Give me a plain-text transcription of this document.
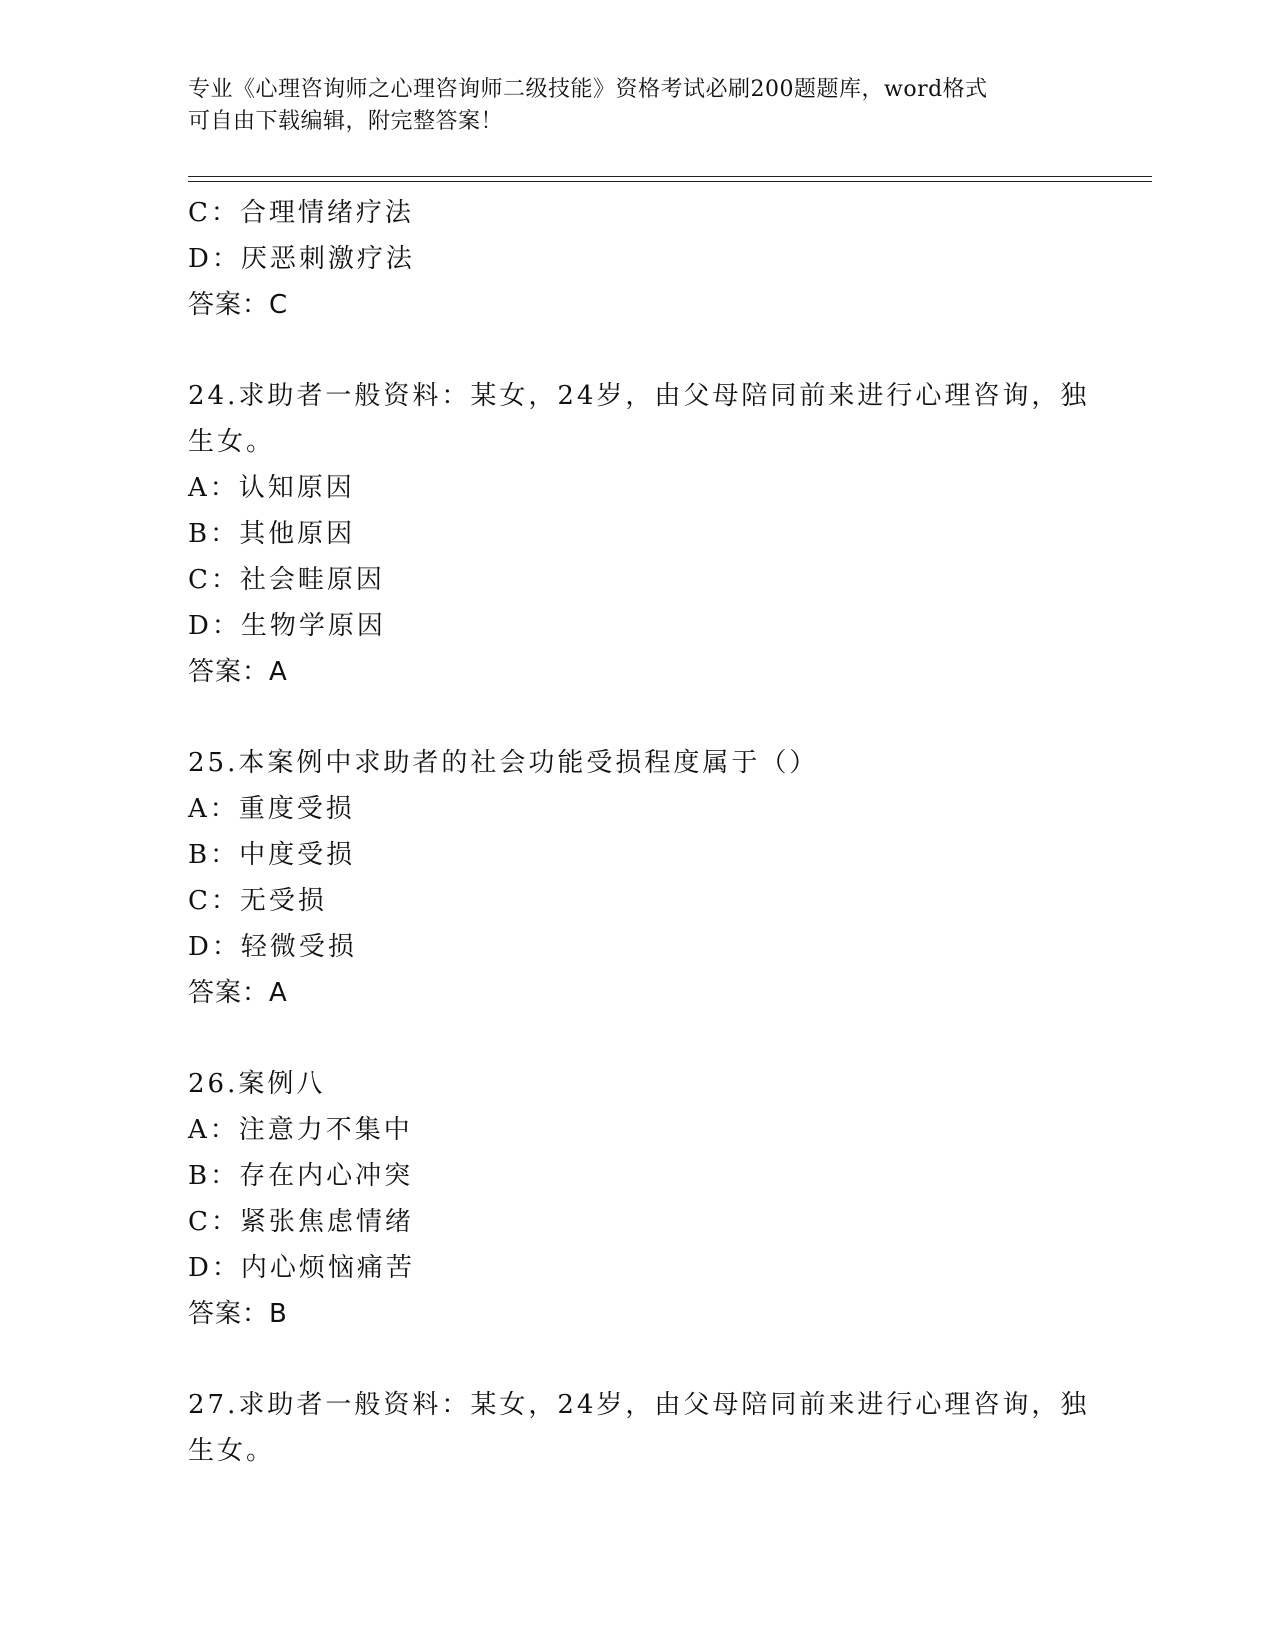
专业《心理咨询师之心理咨询师二级技能》资格考试必刷200题题库，word格式
可自由下载编辑，附完整答案！
C：合理情绪疗法
D：厌恶刺激疗法
答案：C
24.求助者一般资料：某女，24岁，由父母陪同前来进行心理咨询，独
生女。
A：认知原因
B：其他原因
C：社会畦原因
D：生物学原因
答案：A
25.本案例中求助者的社会功能受损程度属于（）
A：重度受损
B：中度受损
C：无受损
D：轻微受损
答案：A
26.案例八
A：注意力不集中
B：存在内心冲突
C：紧张焦虑情绪
D：内心烦恼痛苦
答案：B
27.求助者一般资料：某女，24岁，由父母陪同前来进行心理咨询，独
生女。
